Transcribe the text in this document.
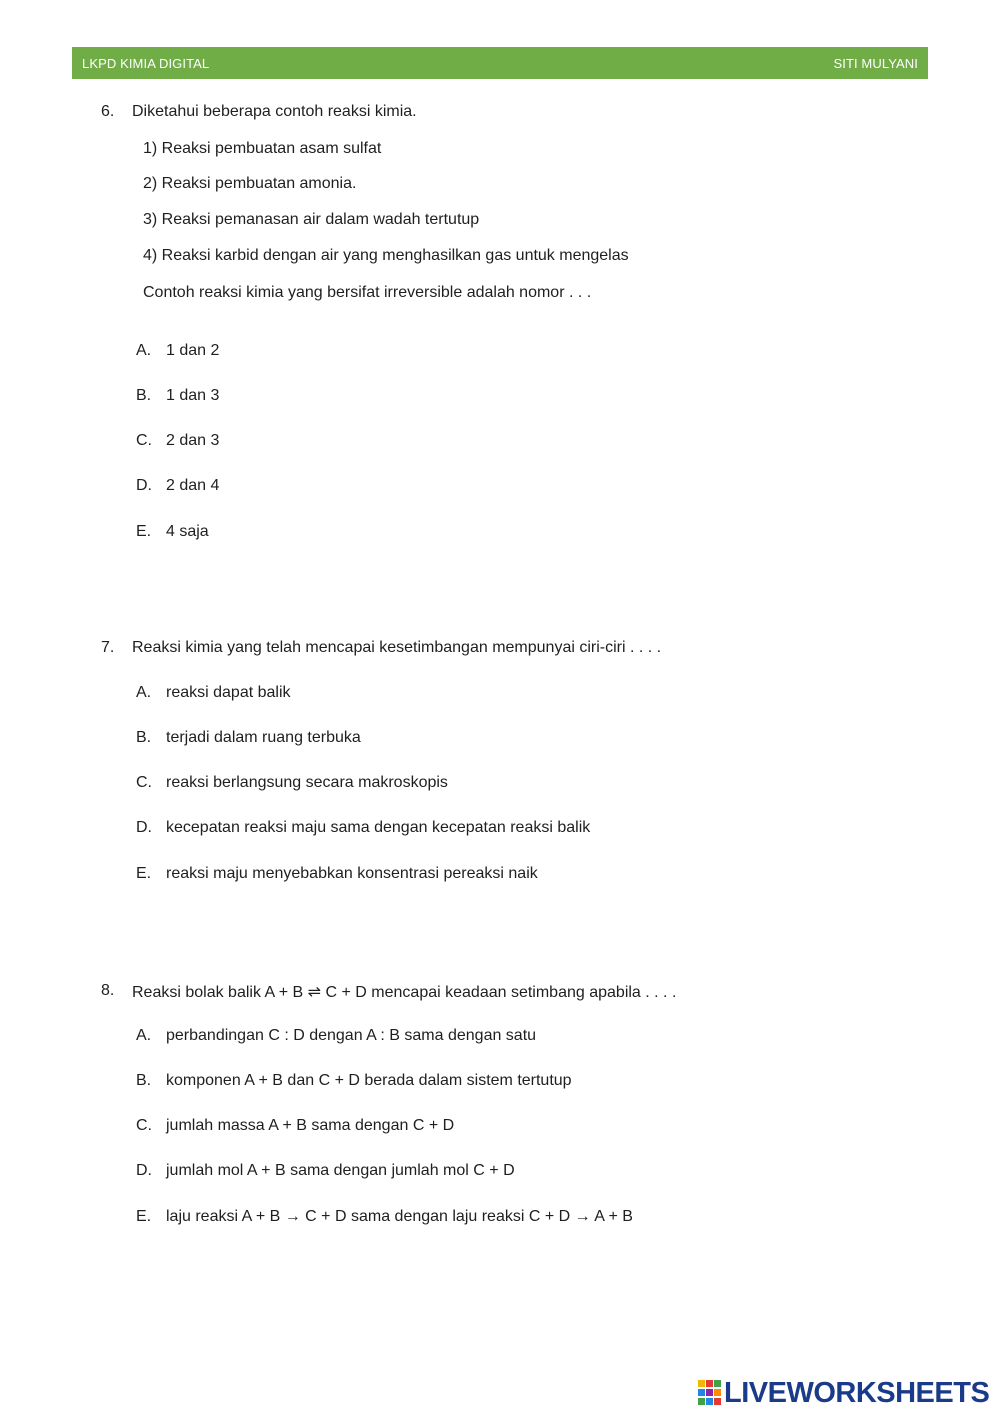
LKPD KIMIA DIGITAL	SITI MULYANI
6. Diketahui beberapa contoh reaksi kimia.
1) Reaksi pembuatan asam sulfat
2) Reaksi pembuatan amonia.
3) Reaksi pemanasan air dalam wadah tertutup
4) Reaksi karbid dengan air yang menghasilkan gas untuk mengelas
Contoh reaksi kimia yang bersifat irreversible adalah nomor . . .
A. 1 dan 2
B. 1 dan 3
C. 2 dan 3
D. 2 dan 4
E. 4 saja
7. Reaksi kimia yang telah mencapai kesetimbangan mempunyai ciri-ciri . . . .
A. reaksi dapat balik
B. terjadi dalam ruang terbuka
C. reaksi berlangsung secara makroskopis
D. kecepatan reaksi maju sama dengan kecepatan reaksi balik
E. reaksi maju menyebabkan konsentrasi pereaksi naik
8. Reaksi bolak balik A + B ⇌ C + D mencapai keadaan setimbang apabila . . . .
A. perbandingan C : D dengan A : B sama dengan satu
B. komponen A + B dan C + D berada dalam sistem tertutup
C. jumlah massa A + B sama dengan C + D
D. jumlah mol A + B sama dengan jumlah mol C + D
E. laju reaksi A + B → C + D sama dengan laju reaksi C + D → A + B
LIVEWORKSHEETS
